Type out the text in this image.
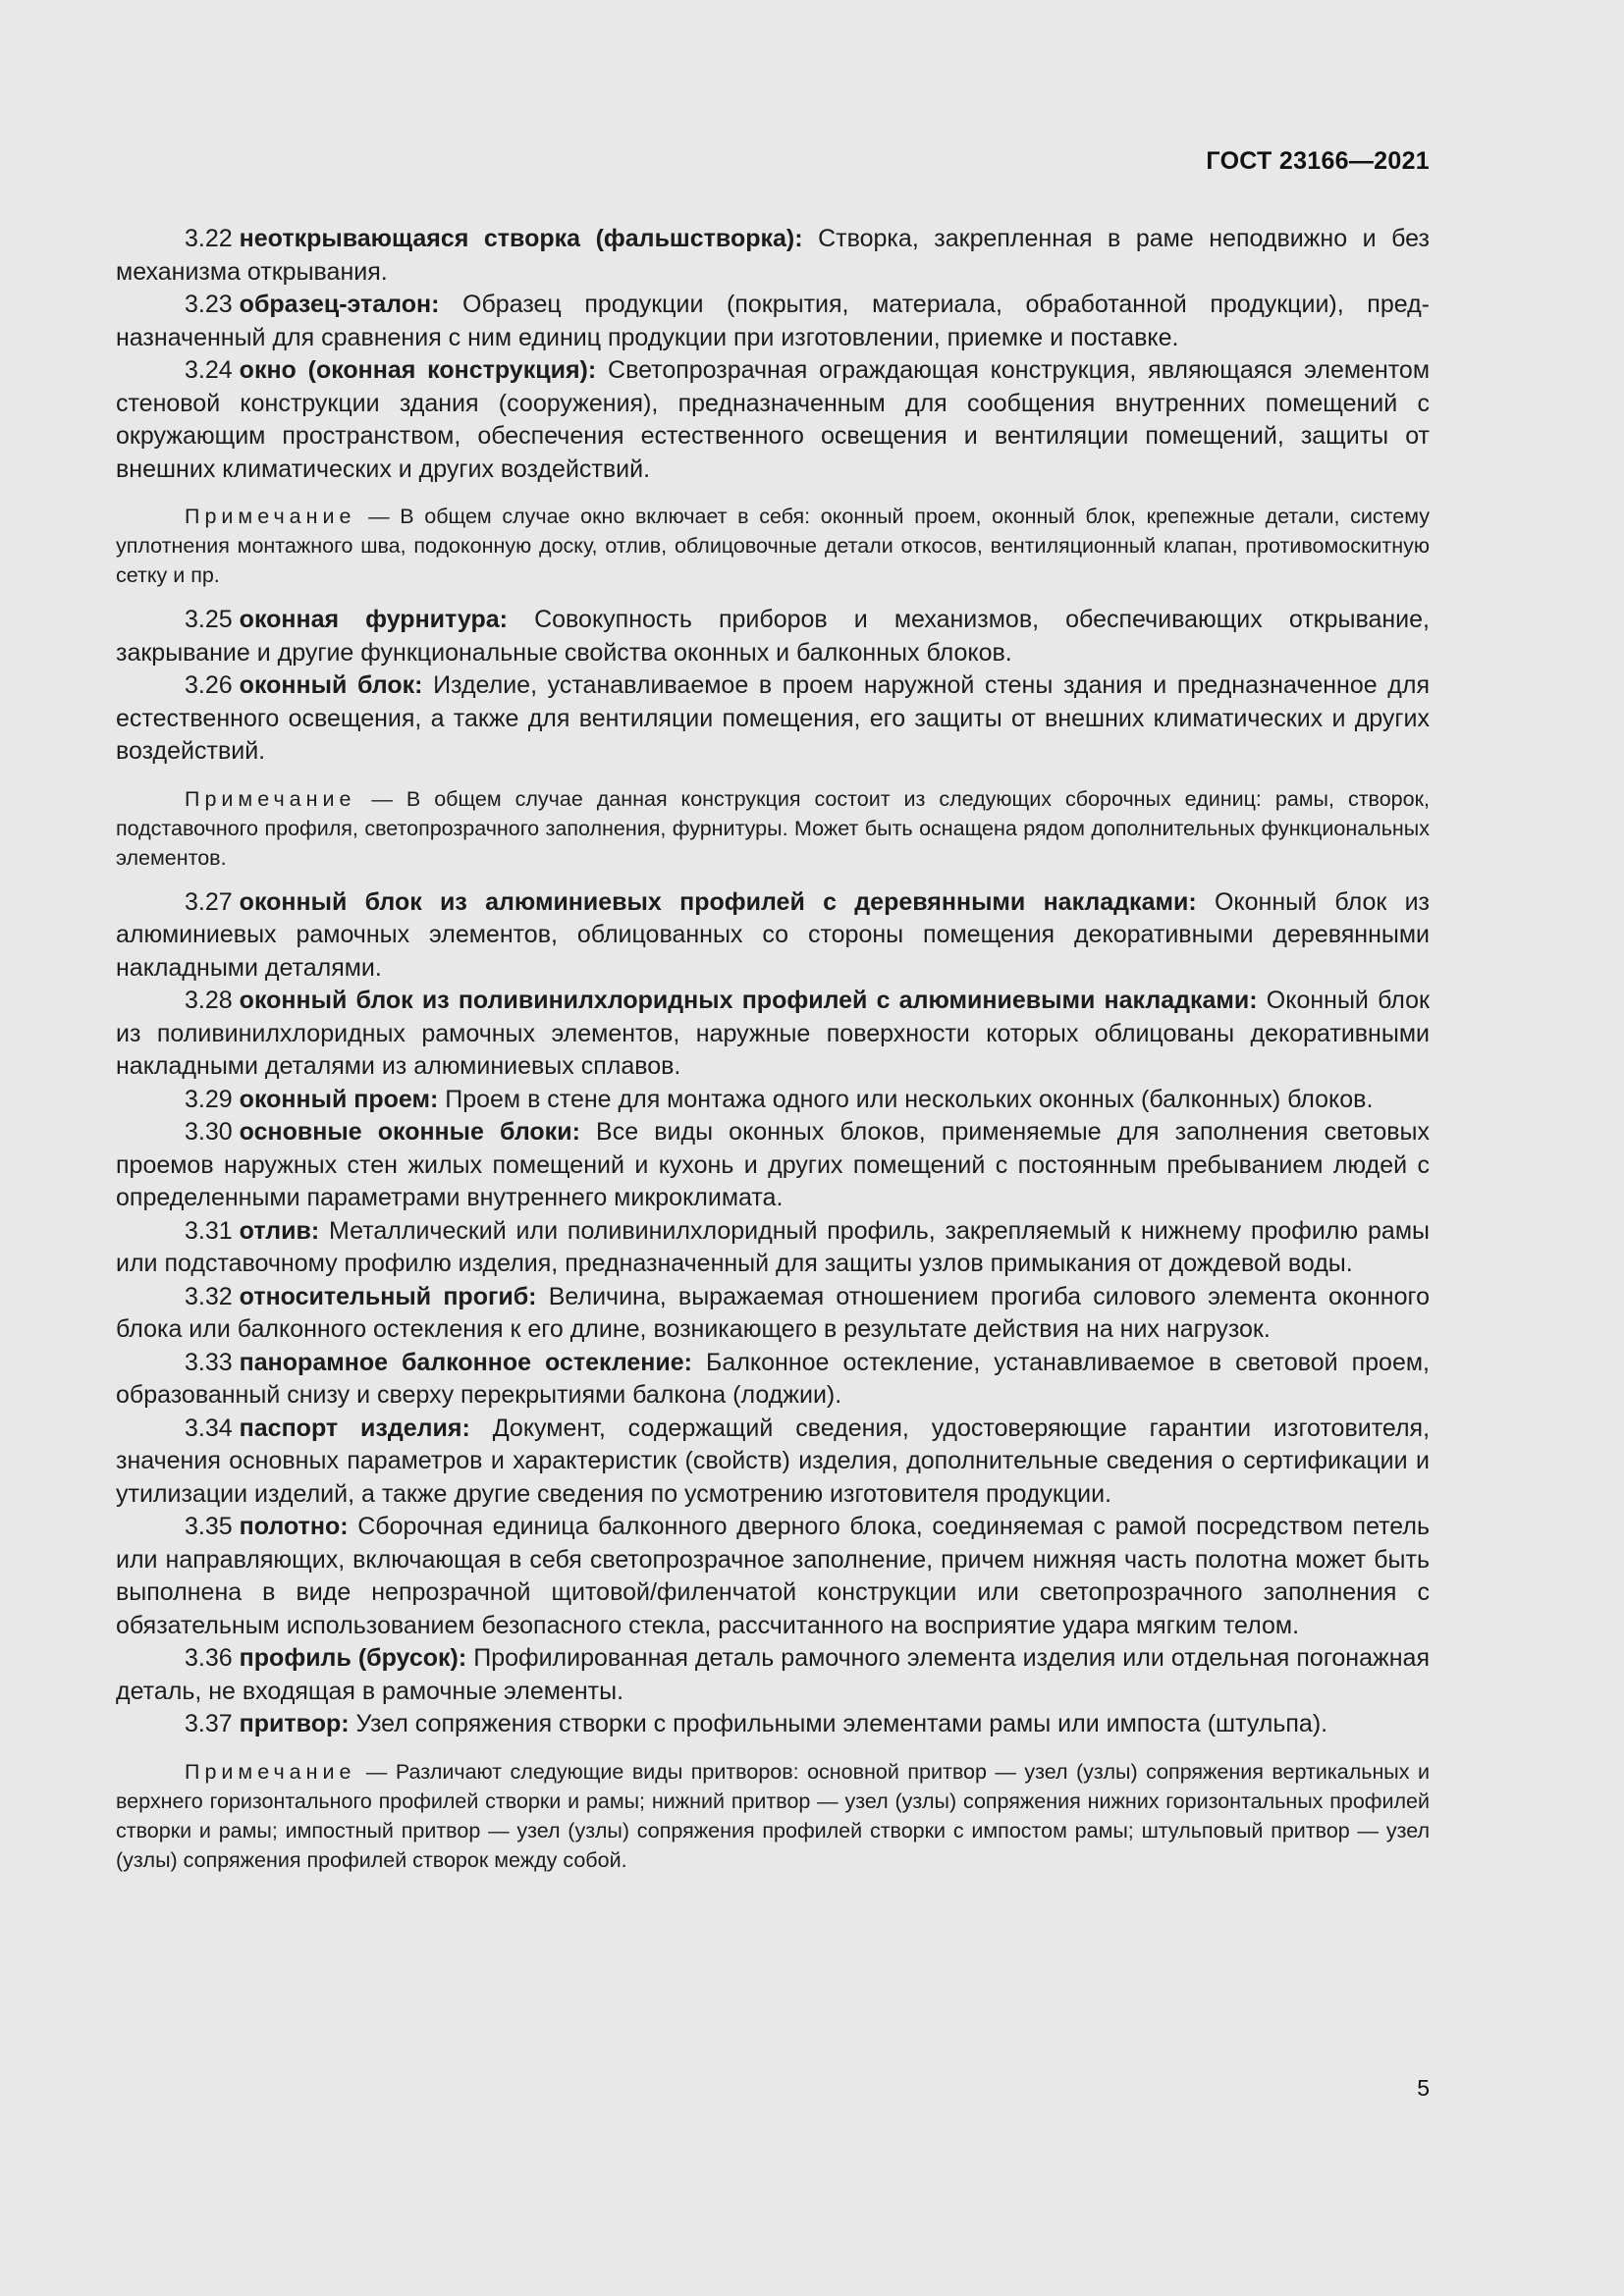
ГОСТ 23166—2021

3.22 неоткрывающаяся створка (фальшстворка): Створка, закрепленная в раме неподвижно и без механизма открывания.

3.23 образец-эталон: Образец продукции (покрытия, материала, обработанной продукции), предназначенный для сравнения с ним единиц продукции при изготовлении, приемке и поставке.

3.24 окно (оконная конструкция): Светопрозрачная ограждающая конструкция, являющаяся элементом стеновой конструкции здания (сооружения), предназначенным для сообщения внутренних помещений с окружающим пространством, обеспечения естественного освещения и вентиляции помещений, защиты от внешних климатических и других воздействий.

Примечание — В общем случае окно включает в себя: оконный проем, оконный блок, крепежные детали, систему уплотнения монтажного шва, подоконную доску, отлив, облицовочные детали откосов, вентиляционный клапан, противомоскитную сетку и пр.

3.25 оконная фурнитура: Совокупность приборов и механизмов, обеспечивающих открывание, закрывание и другие функциональные свойства оконных и балконных блоков.

3.26 оконный блок: Изделие, устанавливаемое в проем наружной стены здания и предназначенное для естественного освещения, а также для вентиляции помещения, его защиты от внешних климатических и других воздействий.

Примечание — В общем случае данная конструкция состоит из следующих сборочных единиц: рамы, створок, подставочного профиля, светопрозрачного заполнения, фурнитуры. Может быть оснащена рядом дополнительных функциональных элементов.

3.27 оконный блок из алюминиевых профилей с деревянными накладками: Оконный блок из алюминиевых рамочных элементов, облицованных со стороны помещения декоративными деревянными накладными деталями.

3.28 оконный блок из поливинилхлоридных профилей с алюминиевыми накладками: Оконный блок из поливинилхлоридных рамочных элементов, наружные поверхности которых облицованы декоративными накладными деталями из алюминиевых сплавов.

3.29 оконный проем: Проем в стене для монтажа одного или нескольких оконных (балконных) блоков.

3.30 основные оконные блоки: Все виды оконных блоков, применяемые для заполнения световых проемов наружных стен жилых помещений и кухонь и других помещений с постоянным пребыванием людей с определенными параметрами внутреннего микроклимата.

3.31 отлив: Металлический или поливинилхлоридный профиль, закрепляемый к нижнему профилю рамы или подставочному профилю изделия, предназначенный для защиты узлов примыкания от дождевой воды.

3.32 относительный прогиб: Величина, выражаемая отношением прогиба силового элемента оконного блока или балконного остекления к его длине, возникающего в результате действия на них нагрузок.

3.33 панорамное балконное остекление: Балконное остекление, устанавливаемое в световой проем, образованный снизу и сверху перекрытиями балкона (лоджии).

3.34 паспорт изделия: Документ, содержащий сведения, удостоверяющие гарантии изготовителя, значения основных параметров и характеристик (свойств) изделия, дополнительные сведения о сертификации и утилизации изделий, а также другие сведения по усмотрению изготовителя продукции.

3.35 полотно: Сборочная единица балконного дверного блока, соединяемая с рамой посредством петель или направляющих, включающая в себя светопрозрачное заполнение, причем нижняя часть полотна может быть выполнена в виде непрозрачной щитовой/филенчатой конструкции или светопрозрачного заполнения с обязательным использованием безопасного стекла, рассчитанного на восприятие удара мягким телом.

3.36 профиль (брусок): Профилированная деталь рамочного элемента изделия или отдельная погонажная деталь, не входящая в рамочные элементы.

3.37 притвор: Узел сопряжения створки с профильными элементами рамы или импоста (штульпа).

Примечание — Различают следующие виды притворов: основной притвор — узел (узлы) сопряжения вертикальных и верхнего горизонтального профилей створки и рамы; нижний притвор — узел (узлы) сопряжения нижних горизонтальных профилей створки и рамы; импостный притвор — узел (узлы) сопряжения профилей створки с импостом рамы; штульповый притвор — узел (узлы) сопряжения профилей створок между собой.

5
